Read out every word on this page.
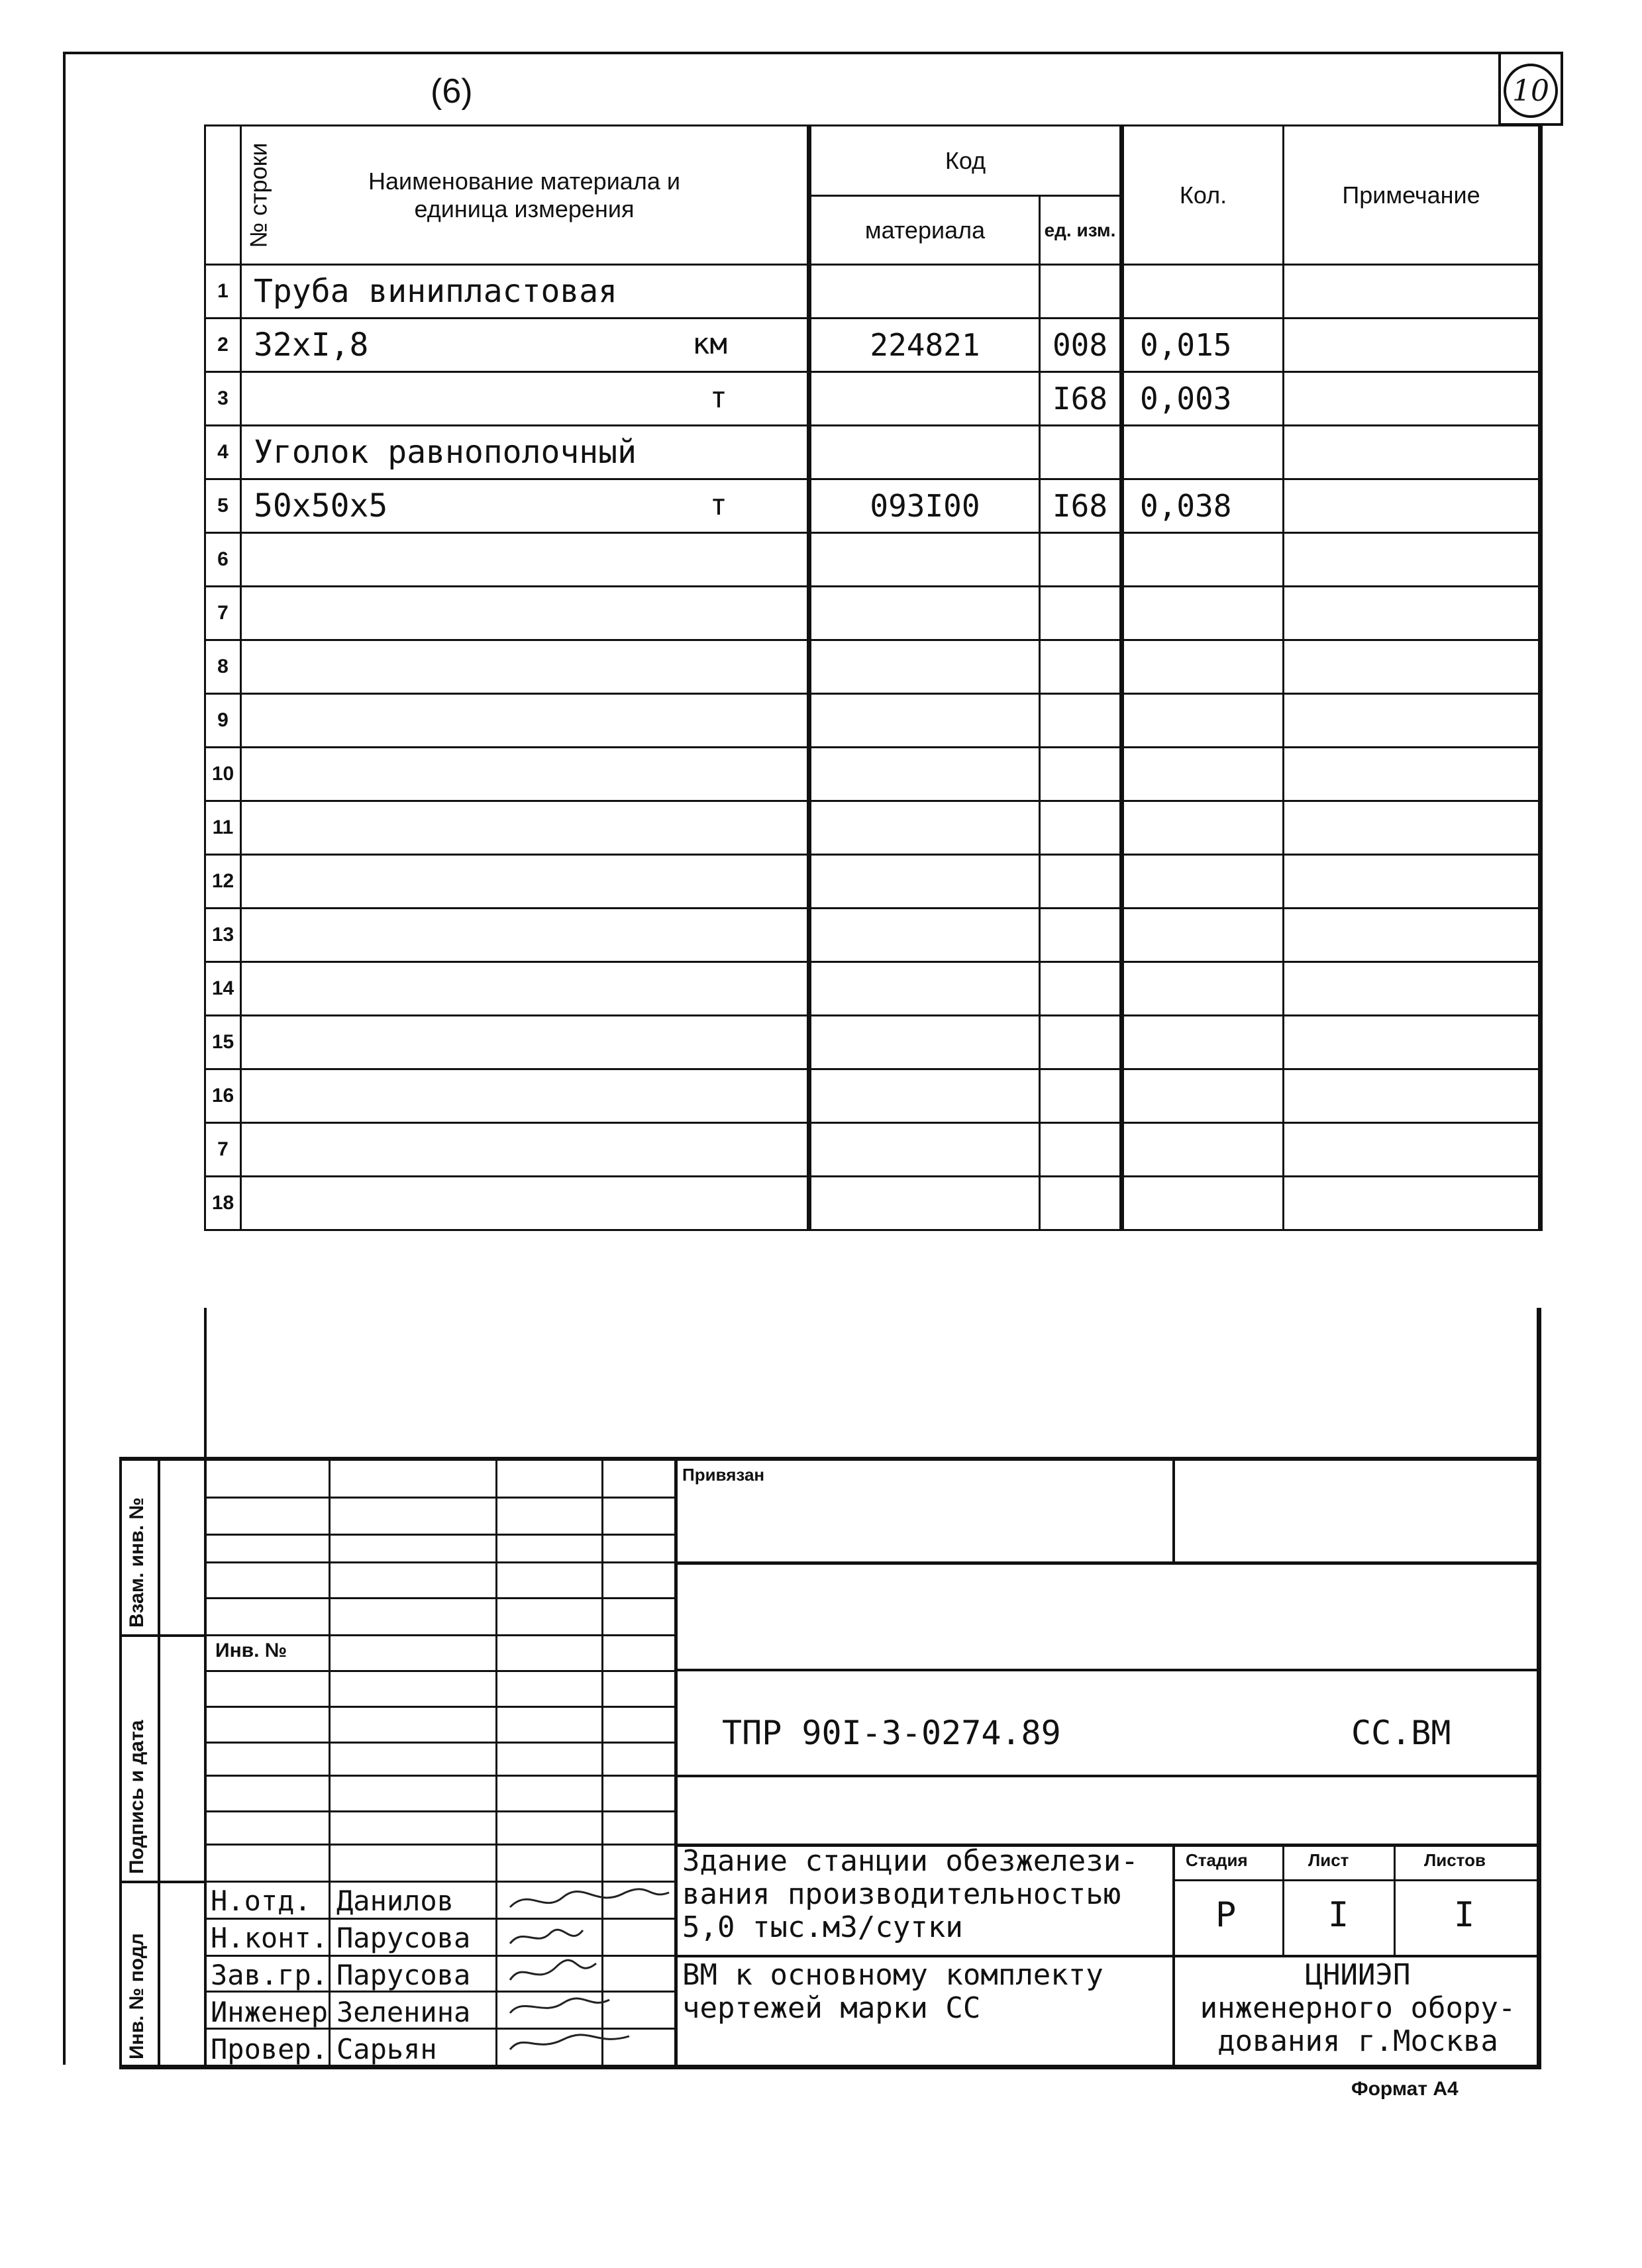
10
(6)
№ строки	Наименование материала и единица измерения	Код		Кол.	Примечание
		материала	ед. изм.		
1	Труба винипластовая

2	32хI,8 км	224821	008	0,015	
3	т		I68	0,003	
4	Уголок равнополочный

5	50х50х5 т	093I00	I68	0,038	
6	

7	

8	

9	

10	

11	

12	

13	

14	

15	

16	

7	

18	

Инв. № подл
Подпись и дата
Взам. инв. №
Инв. №
Привязан
ТПР 90I-3-0274.89	СС.ВМ
Здание станции обезжелези-
вания производительностью
5,0 тыс.м3/сутки
ВМ к основному комплекту
чертежей марки СС
Стадия	Лист	Листов
Р	I	I
ЦНИИЭП
инженерного обору-
дования г.Москва
Н.отд. Данилов
Н.конт. Парусова
Зав.гр. Парусова
Инженер Зеленина
Провер. Сарьян
Формат А4
